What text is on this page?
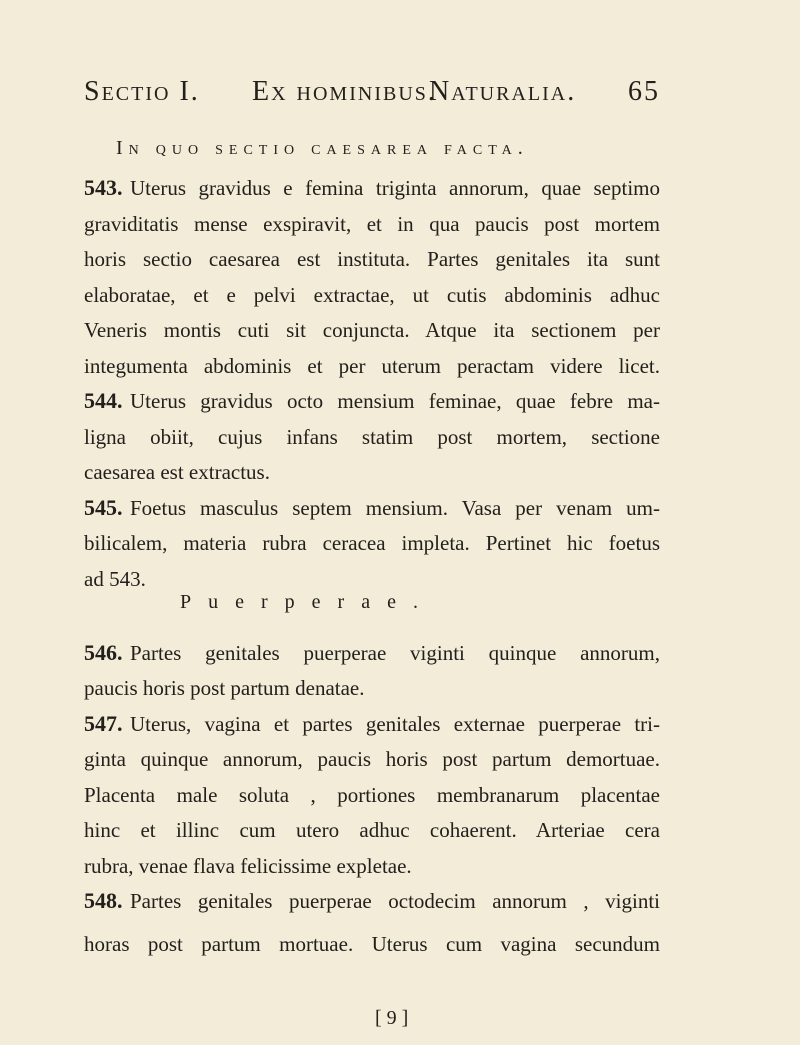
Sectio I. Ex hominibus.
Naturalia. 65
In quo sectio caesarea facta.
543. Uterus gravidus e femina triginta annorum, quae septimo
graviditatis mense exspiravit, et in qua paucis post mortem
horis sectio caesarea est instituta. Partes genitales ita sunt
elaboratae, et e pelvi extractae, ut cutis abdominis adhuc
Veneris montis cuti sit conjuncta. Atque ita sectionem per
integumenta abdominis et per uterum peractam videre licet.
544. Uterus gravidus octo mensium feminae, quae febre ma-
ligna obiit, cujus infans statim post mortem, sectione
caesarea est extractus.
545. Foetus masculus septem mensium. Vasa per venam um-
bilicalem, materia rubra ceracea impleta. Pertinet hic foetus
ad 543.
Puerperae.
546. Partes genitales puerperae viginti quinque annorum,
paucis horis post partum denatae.
547. Uterus, vagina et partes genitales externae puerperae tri-
ginta quinque annorum, paucis horis post partum demortuae.
Placenta male soluta , portiones membranarum placentae
hinc et illinc cum utero adhuc cohaerent. Arteriae cera
rubra, venae flava felicissime expletae.
548. Partes genitales puerperae octodecim annorum , viginti
horas post partum mortuae. Uterus cum vagina secundum
[ 9 ]
